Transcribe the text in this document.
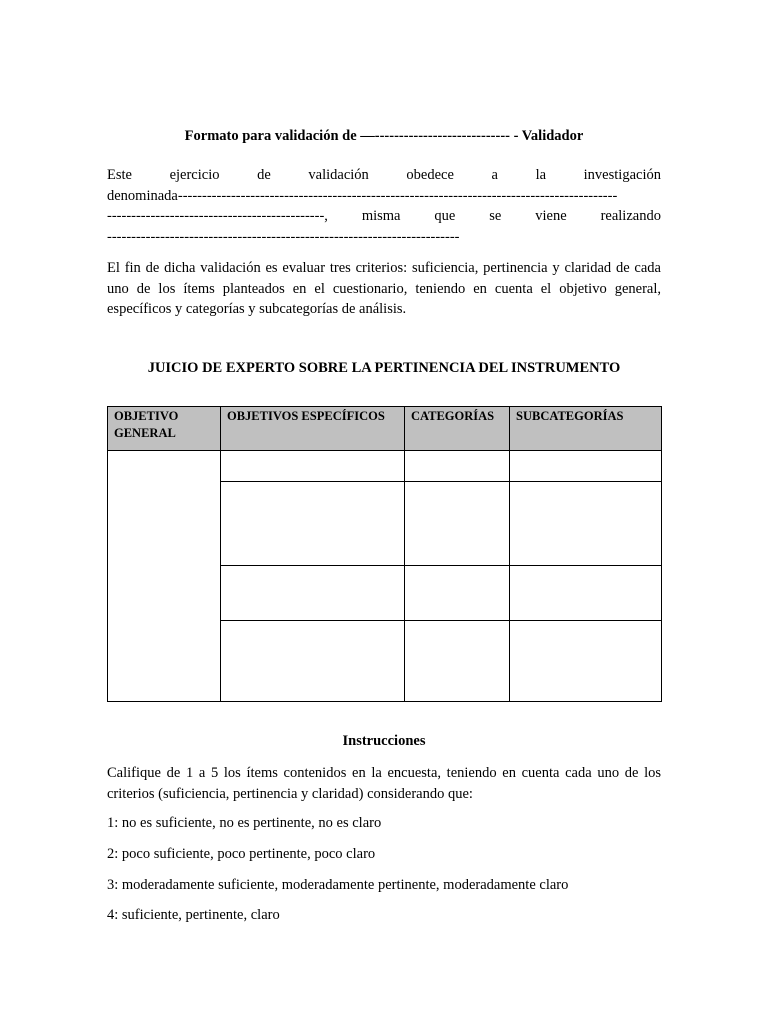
Formato para validación de —---------------------------- - Validador
Este	ejercicio	de	validación	obedece	a	la	investigación
denominada-------------------------------------------------------------------------------------------
---------------------------------------------, misma que se viene realizando
-------------------------------------------------------------------------

El fin de dicha validación es evaluar tres criterios: suficiencia, pertinencia y claridad de cada uno de los ítems planteados en el cuestionario, teniendo en cuenta el objetivo general, específicos y categorías y subcategorías de análisis.

JUICIO DE EXPERTO SOBRE LA PERTINENCIA DEL INSTRUMENTO
OBJETIVO GENERAL	OBJETIVOS ESPECÍFICOS	CATEGORÍAS	SUBCATEGORÍAS

Instrucciones

Califique de 1 a 5 los ítems contenidos en la encuesta, teniendo en cuenta cada uno de los criterios (suficiencia, pertinencia y claridad) considerando que:

1: no es suficiente, no es pertinente, no es claro
2: poco suficiente, poco pertinente, poco claro
3: moderadamente suficiente, moderadamente pertinente, moderadamente claro
4: suficiente, pertinente, claro
